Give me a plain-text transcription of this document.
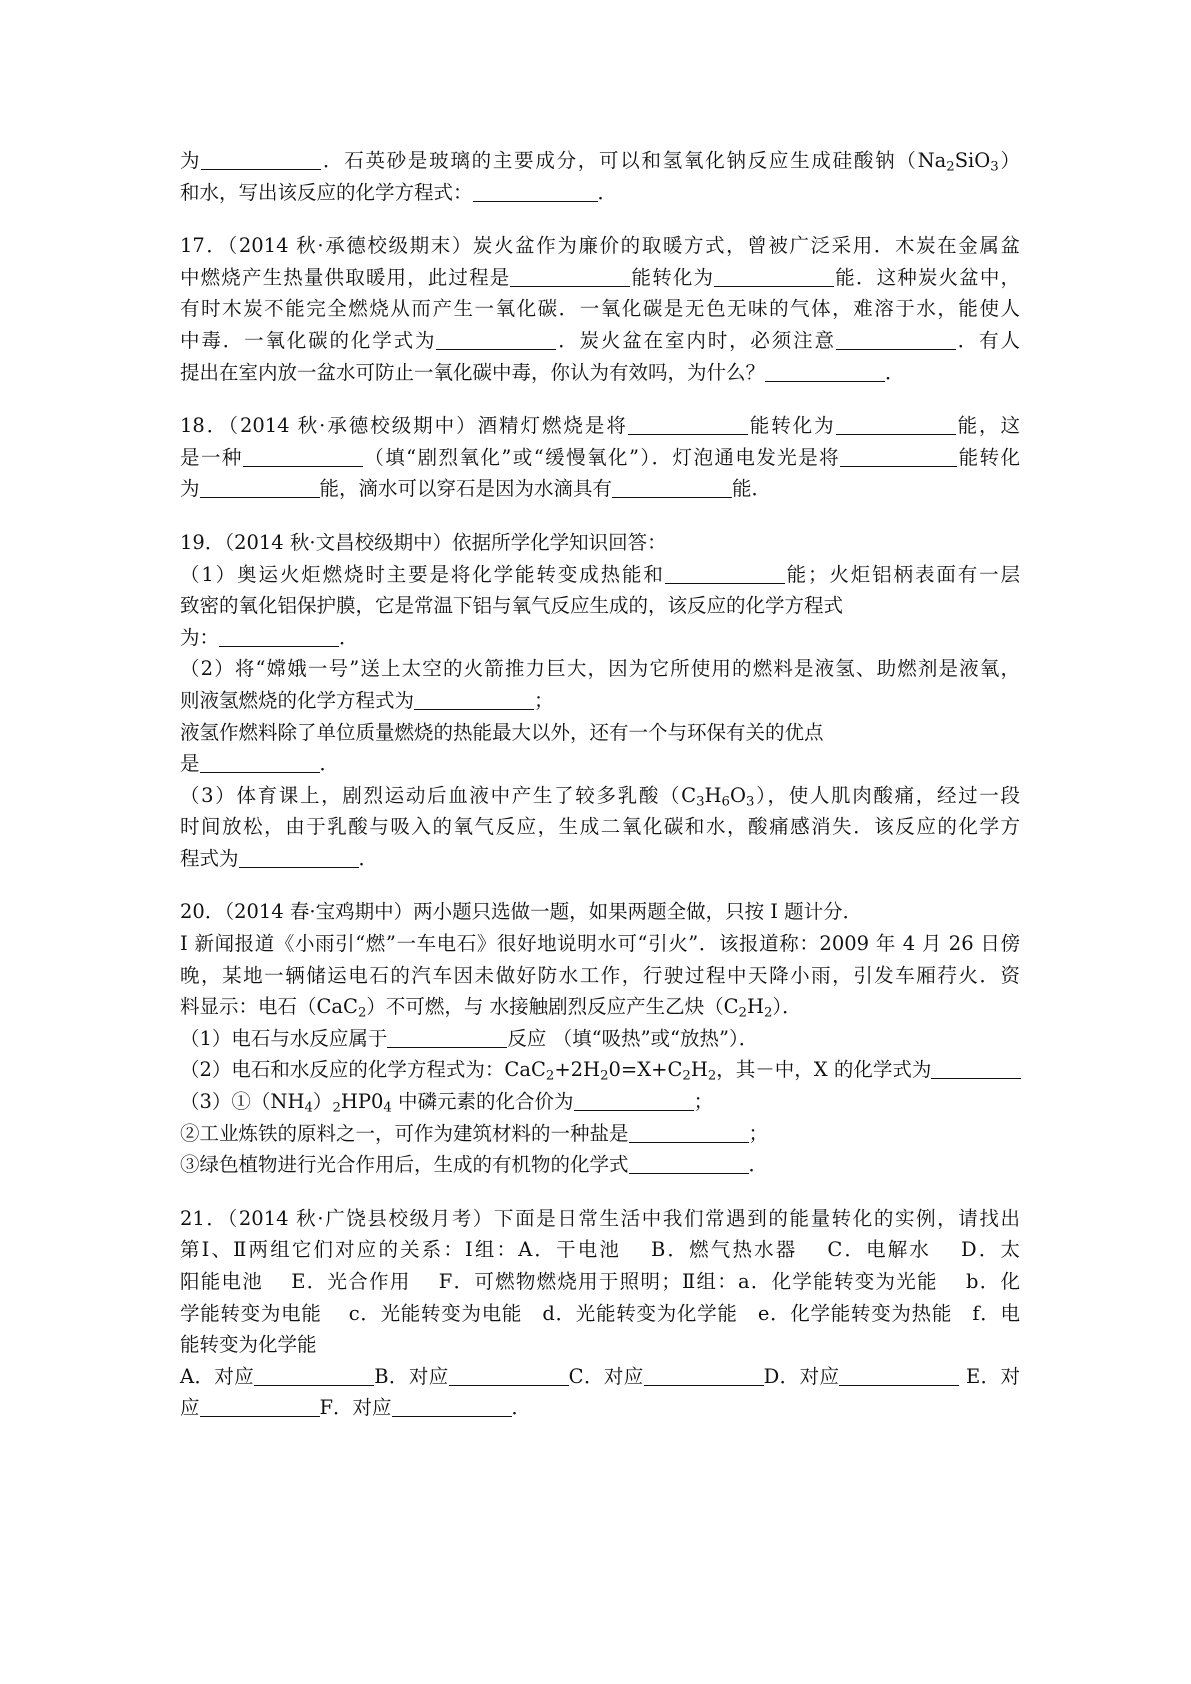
为	．石英砂是玻璃的主要成分，可以和氢氧化钠反应生成硅酸钠$(Na_2SiO_3)$
和水，写出该反应的化学方程式：	．
17．（2014 秋·承德校级期末）炭火盆作为廉价的取暖方式，曾被广泛采用．木炭在金属盆
中燃烧产生热量供取暖用，此过程是	能转化为	能．这种炭火盆中，
有时木炭不能完全燃烧从而产生一氧化碳．一氧化碳是无色无味的气体，难溶于水，能使人
中毒．一氧化碳的化学式为	．炭火盆在室内时，必须注意	．有人
提出在室内放一盆水可防止一氧化碳中毒，你认为有效吗，为什么？	．
18．（2014 秋·承德校级期中）酒精灯燃烧是将	能转化为	能，这
是一种	（填“剧烈氧化”或“缓慢氧化”）．灯泡通电发光是将	能转化
为	能，滴水可以穿石是因为水滴具有	能．
19．（2014 秋·文昌校级期中）依据所学化学知识回答：
（1）奥运火炬燃烧时主要是将化学能转变成热能和	能；火炬铝柄表面有一层
致密的氧化铝保护膜，它是常温下铝与氧气反应生成的，该反应的化学方程式
为：	．
（2）将“嫦娥一号”送上太空的火箭推力巨大，因为它所使用的燃料是液氢、助燃剂是液氧，
则液氢燃烧的化学方程式为	；
液氢作燃料除了单位质量燃烧的热能最大以外，还有一个与环保有关的优点
是	．
（3）体育课上，剧烈运动后血液中产生了较多乳酸$(C_3H_6O_3)$，使人肌肉酸痛，经过一段
时间放松，由于乳酸与吸入的氧气反应，生成二氧化碳和水，酸痛感消失．该反应的化学方
程式为	．
20．（2014 春·宝鸡期中）两小题只选做一题，如果两题全做，只按 I 题计分．
I 新闻报道《小雨引“燃”一车电石》很好地说明水可“引火”．该报道称：2009 年 4 月 26 日傍
晚，某地一辆储运电石的汽车因未做好防水工作，行驶过程中天降小雨，引发车厢荇火．资
料显示：电石（CaC$_2$）不可燃，与 水接触剧烈反应产生乙炔$(C_2H_2)$．
（1）电石与水反应属于	反应 （填“吸热”或“放热”）．
（2）电石和水反应的化学方程式为：$CaC_2+2H_20=X+C_2H_2$，其－中，X 的化学式为
$(3)①(NH_4)_2HP0_4$ 中磷元素的化合价为	；
②工业炼铁的原料之一，可作为建筑材料的一种盐是	；
③绿色植物进行光合作用后，生成的有机物的化学式	．
21．（2014 秋·广饶县校级月考）下面是日常生活中我们常遇到的能量转化的实例，请找出
第Ⅰ、Ⅱ两组它们对应的关系：Ⅰ组：A．干电池　 B．燃气热水器　 C．电解水　 D．太
阳能电池　 E．光合作用　 F．可燃物燃烧用于照明；Ⅱ组：a．化学能转变为光能　 b．化
学能转变为电能　 c．光能转变为电能　d．光能转变为化学能　e．化学能转变为热能　f．电
能转变为化学能
A．对应	B．对应	C．对应	D．对应	E．对
应	F．对应	．
